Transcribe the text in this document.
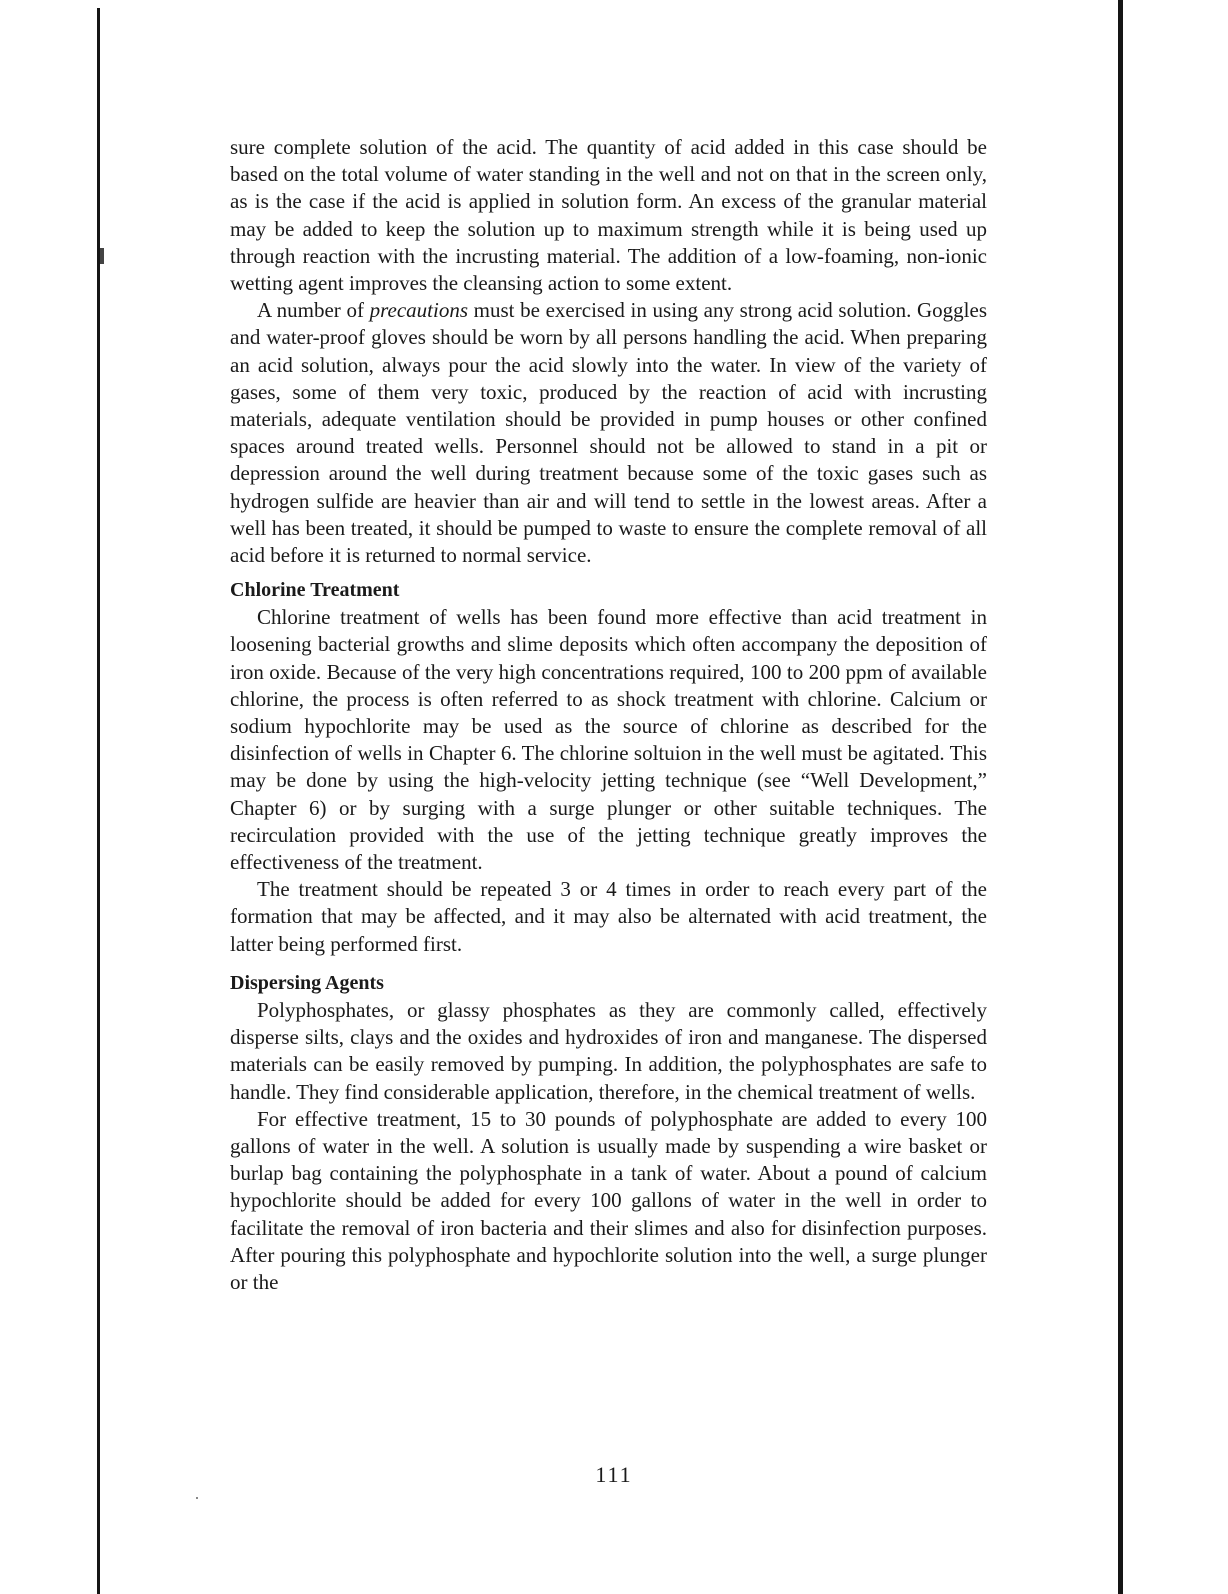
sure complete solution of the acid. The quantity of acid added in this case should be based on the total volume of water standing in the well and not on that in the screen only, as is the case if the acid is applied in solution form. An excess of the granular material may be added to keep the solution up to maximum strength while it is being used up through reaction with the incrusting material. The addition of a low-foaming, non-ionic wetting agent improves the cleansing action to some extent.

A number of precautions must be exercised in using any strong acid solution. Goggles and water-proof gloves should be worn by all persons handling the acid. When preparing an acid solution, always pour the acid slowly into the water. In view of the variety of gases, some of them very toxic, produced by the reaction of acid with incrusting materials, adequate ventilation should be provided in pump houses or other confined spaces around treated wells. Personnel should not be allowed to stand in a pit or depression around the well during treatment because some of the toxic gases such as hydrogen sulfide are heavier than air and will tend to settle in the lowest areas. After a well has been treated, it should be pumped to waste to ensure the complete removal of all acid before it is returned to normal service.

Chlorine Treatment

Chlorine treatment of wells has been found more effective than acid treatment in loosening bacterial growths and slime deposits which often accompany the deposition of iron oxide. Because of the very high concentrations required, 100 to 200 ppm of available chlorine, the process is often referred to as shock treatment with chlorine. Calcium or sodium hypochlorite may be used as the source of chlorine as described for the disinfection of wells in Chapter 6. The chlorine soltuion in the well must be agitated. This may be done by using the high-velocity jetting technique (see “Well Development,” Chapter 6) or by surging with a surge plunger or other suitable techniques. The recirculation provided with the use of the jetting technique greatly improves the effectiveness of the treatment.

The treatment should be repeated 3 or 4 times in order to reach every part of the formation that may be affected, and it may also be alternated with acid treatment, the latter being performed first.

Dispersing Agents

Polyphosphates, or glassy phosphates as they are commonly called, effectively disperse silts, clays and the oxides and hydroxides of iron and manganese. The dispersed materials can be easily removed by pumping. In addition, the polyphosphates are safe to handle. They find considerable application, therefore, in the chemical treatment of wells.

For effective treatment, 15 to 30 pounds of polyphosphate are added to every 100 gallons of water in the well. A solution is usually made by suspending a wire basket or burlap bag containing the polyphosphate in a tank of water. About a pound of calcium hypochlorite should be added for every 100 gallons of water in the well in order to facilitate the removal of iron bacteria and their slimes and also for disinfection purposes. After pouring this polyphosphate and hypochlorite solution into the well, a surge plunger or the

111
